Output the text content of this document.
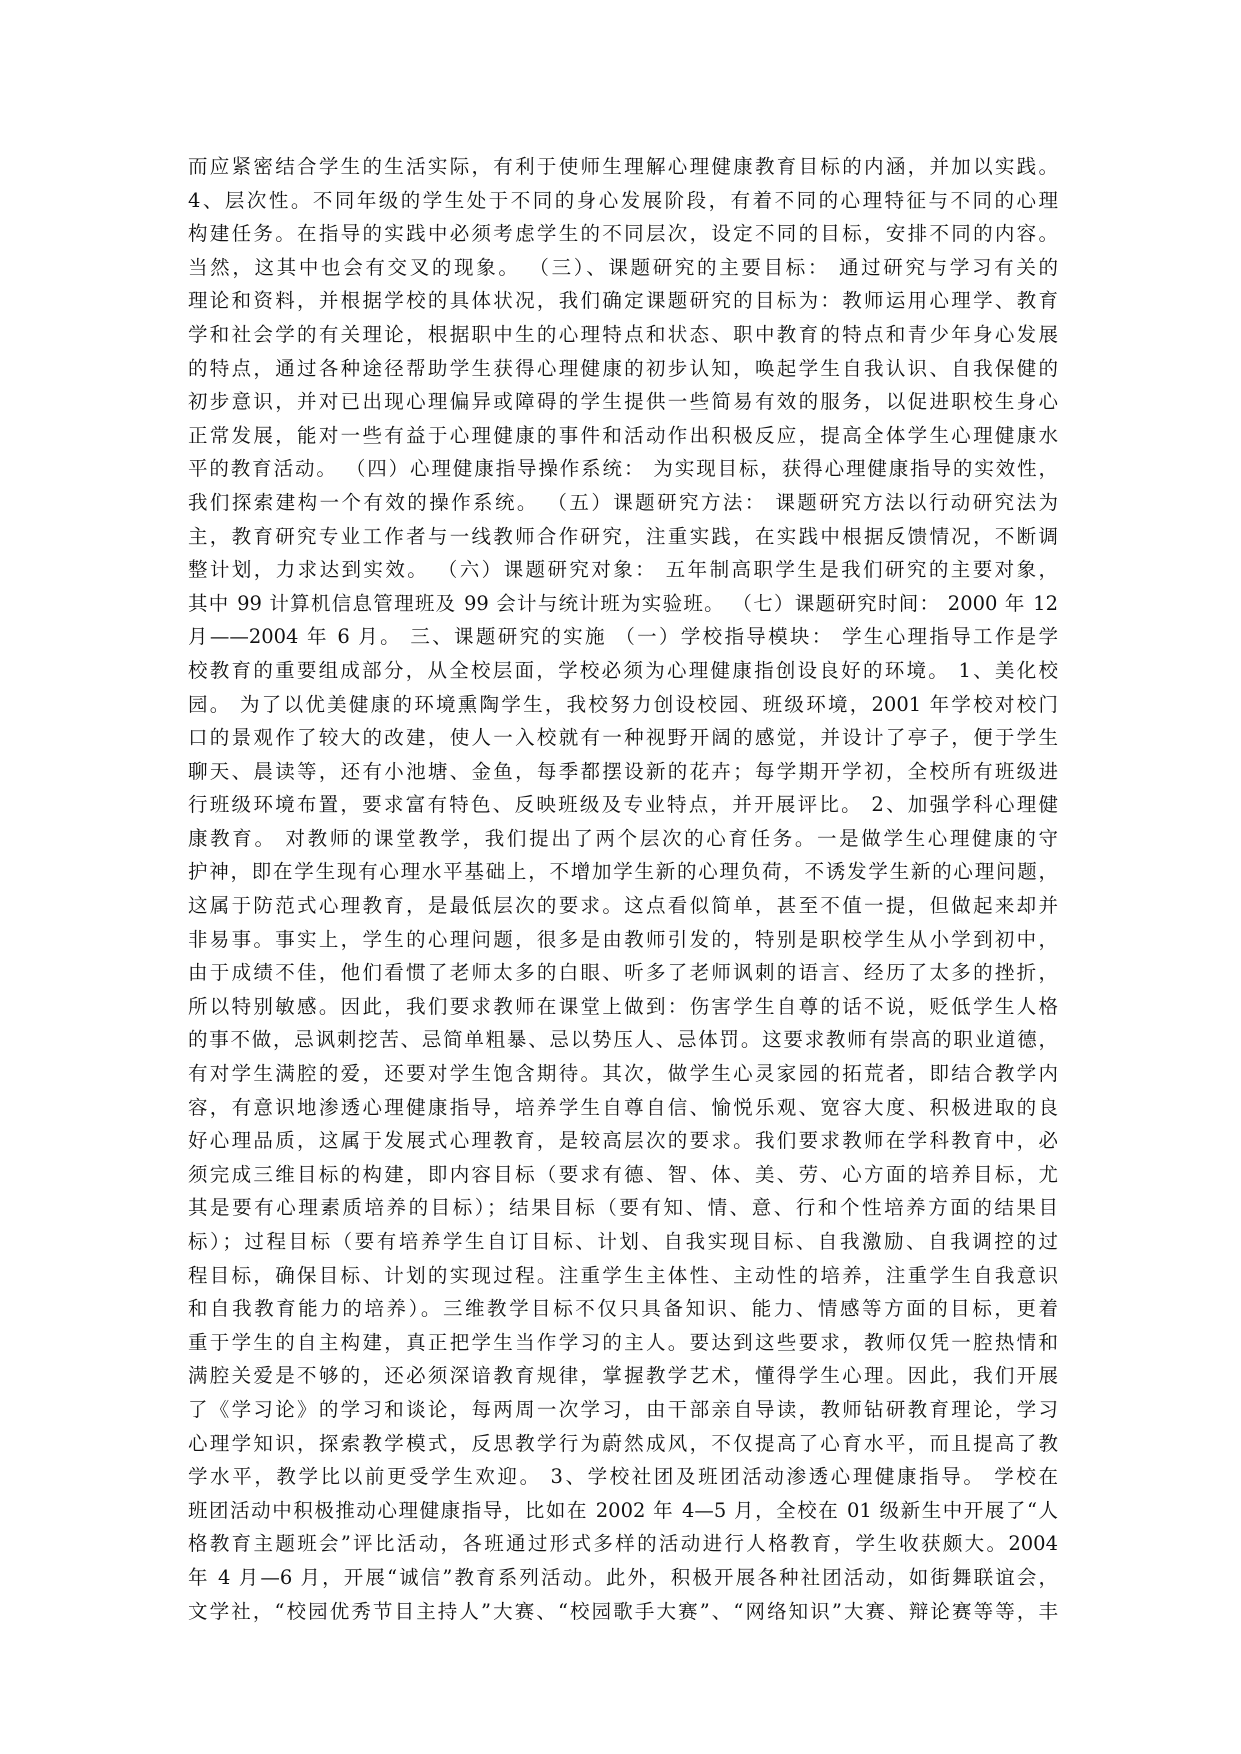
而应紧密结合学生的生活实际，有利于使师生理解心理健康教育目标的内涵，并加以实践。
4、层次性。不同年级的学生处于不同的身心发展阶段，有着不同的心理特征与不同的心理
构建任务。在指导的实践中必须考虑学生的不同层次，设定不同的目标，安排不同的内容。
当然，这其中也会有交叉的现象。 （三）、课题研究的主要目标： 通过研究与学习有关的
理论和资料，并根据学校的具体状况，我们确定课题研究的目标为：教师运用心理学、教育
学和社会学的有关理论，根据职中生的心理特点和状态、职中教育的特点和青少年身心发展
的特点，通过各种途径帮助学生获得心理健康的初步认知，唤起学生自我认识、自我保健的
初步意识，并对已出现心理偏异或障碍的学生提供一些简易有效的服务，以促进职校生身心
正常发展，能对一些有益于心理健康的事件和活动作出积极反应，提高全体学生心理健康水
平的教育活动。 （四）心理健康指导操作系统： 为实现目标，获得心理健康指导的实效性，
我们探索建构一个有效的操作系统。 （五）课题研究方法： 课题研究方法以行动研究法为
主，教育研究专业工作者与一线教师合作研究，注重实践，在实践中根据反馈情况，不断调
整计划，力求达到实效。 （六）课题研究对象： 五年制高职学生是我们研究的主要对象，
其中 99 计算机信息管理班及 99 会计与统计班为实验班。 （七）课题研究时间： 2000 年 12
月——2004 年 6 月。 三、课题研究的实施 （一）学校指导模块： 学生心理指导工作是学
校教育的重要组成部分，从全校层面，学校必须为心理健康指创设良好的环境。 1、美化校
园。 为了以优美健康的环境熏陶学生，我校努力创设校园、班级环境，2001 年学校对校门
口的景观作了较大的改建，使人一入校就有一种视野开阔的感觉，并设计了亭子，便于学生
聊天、晨读等，还有小池塘、金鱼，每季都摆设新的花卉；每学期开学初，全校所有班级进
行班级环境布置，要求富有特色、反映班级及专业特点，并开展评比。 2、加强学科心理健
康教育。 对教师的课堂教学，我们提出了两个层次的心育任务。一是做学生心理健康的守
护神，即在学生现有心理水平基础上，不增加学生新的心理负荷，不诱发学生新的心理问题，
这属于防范式心理教育，是最低层次的要求。这点看似简单，甚至不值一提，但做起来却并
非易事。事实上，学生的心理问题，很多是由教师引发的，特别是职校学生从小学到初中，
由于成绩不佳，他们看惯了老师太多的白眼、听多了老师讽刺的语言、经历了太多的挫折，
所以特别敏感。因此，我们要求教师在课堂上做到：伤害学生自尊的话不说，贬低学生人格
的事不做，忌讽刺挖苦、忌简单粗暴、忌以势压人、忌体罚。这要求教师有崇高的职业道德，
有对学生满腔的爱，还要对学生饱含期待。其次，做学生心灵家园的拓荒者，即结合教学内
容，有意识地渗透心理健康指导，培养学生自尊自信、愉悦乐观、宽容大度、积极进取的良
好心理品质，这属于发展式心理教育，是较高层次的要求。我们要求教师在学科教育中，必
须完成三维目标的构建，即内容目标（要求有德、智、体、美、劳、心方面的培养目标，尤
其是要有心理素质培养的目标）；结果目标（要有知、情、意、行和个性培养方面的结果目
标）；过程目标（要有培养学生自订目标、计划、自我实现目标、自我激励、自我调控的过
程目标，确保目标、计划的实现过程。注重学生主体性、主动性的培养，注重学生自我意识
和自我教育能力的培养）。三维教学目标不仅只具备知识、能力、情感等方面的目标，更着
重于学生的自主构建，真正把学生当作学习的主人。要达到这些要求，教师仅凭一腔热情和
满腔关爱是不够的，还必须深谙教育规律，掌握教学艺术，懂得学生心理。因此，我们开展
了《学习论》的学习和谈论，每两周一次学习，由干部亲自导读，教师钻研教育理论，学习
心理学知识，探索教学模式，反思教学行为蔚然成风，不仅提高了心育水平，而且提高了教
学水平，教学比以前更受学生欢迎。 3、学校社团及班团活动渗透心理健康指导。 学校在
班团活动中积极推动心理健康指导，比如在 2002 年 4—5 月，全校在 01 级新生中开展了“人
格教育主题班会”评比活动，各班通过形式多样的活动进行人格教育，学生收获颇大。2004
年 4 月—6 月，开展“诚信”教育系列活动。此外，积极开展各种社团活动，如街舞联谊会，
文学社，“校园优秀节目主持人”大赛、“校园歌手大赛”、“网络知识”大赛、辩论赛等等，丰
